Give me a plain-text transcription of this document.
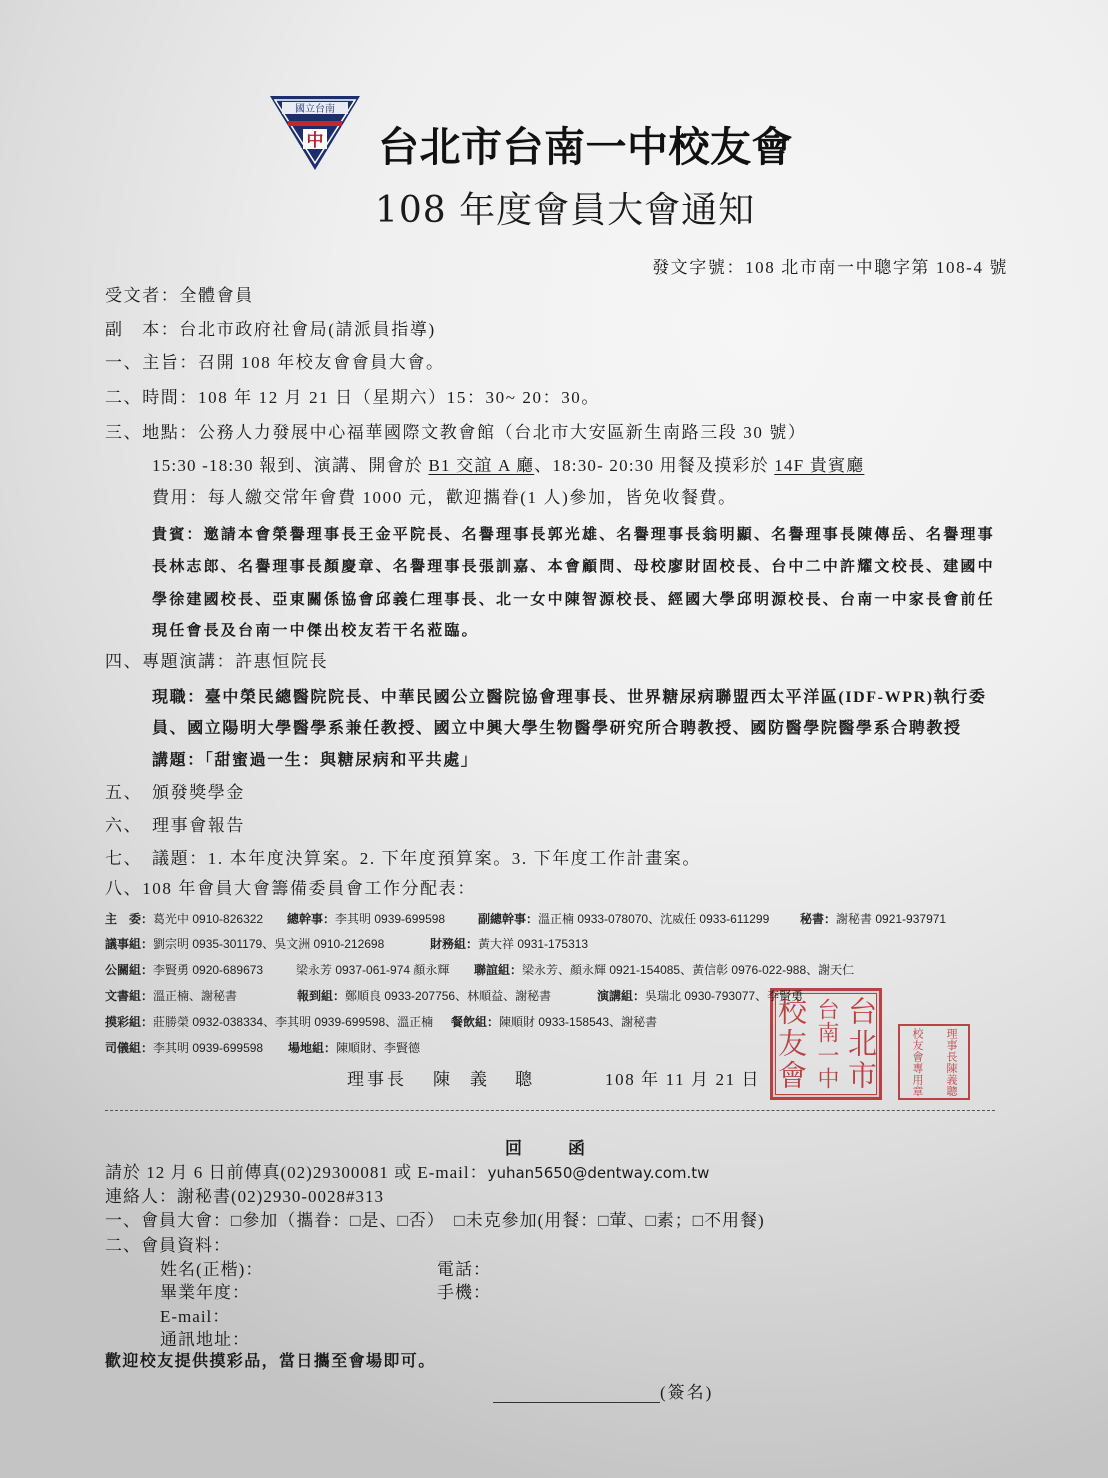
國立台南
中 台北市台南一中校友會
108 年度會員大會通知
發文字號：108 北市南一中聰字第 108-4 號
受文者：全體會員
副　本：台北市政府社會局(請派員指導)
一、主旨：召開 108 年校友會會員大會。
二、時間：108 年 12 月 21 日（星期六）15：30~ 20：30。
三、地點：公務人力發展中心福華國際文教會館（台北市大安區新生南路三段 30 號）
15:30 -18:30 報到、演講、開會於 B1 交誼 A 廳、18:30- 20:30 用餐及摸彩於 14F 貴賓廳
費用：每人繳交常年會費 1000 元，歡迎攜眷(1 人)參加，皆免收餐費。
貴賓：邀請本會榮譽理事長王金平院長、名譽理事長郭光雄、名譽理事長翁明顯、名譽理事長陳傳岳、名譽理事
長林志郎、名譽理事長顏慶章、名譽理事長張訓嘉、本會顧問、母校廖財固校長、台中二中許耀文校長、建國中
學徐建國校長、亞東關係協會邱義仁理事長、北一女中陳智源校長、經國大學邱明源校長、台南一中家長會前任
現任會長及台南一中傑出校友若干名蒞臨。
四、專題演講：許惠恒院長
現職：臺中榮民總醫院院長、中華民國公立醫院協會理事長、世界糖尿病聯盟西太平洋區(IDF-WPR)執行委
員、國立陽明大學醫學系兼任教授、國立中興大學生物醫學研究所合聘教授、國防醫學院醫學系合聘教授
講題：「甜蜜過一生：與糖尿病和平共處」
五、 頒發獎學金
六、 理事會報告
七、 議題：1. 本年度決算案。2. 下年度預算案。3. 下年度工作計畫案。
八、108 年會員大會籌備委員會工作分配表：
主　委：葛光中 0910-826322 總幹事：李其明 0939-699598	副總幹事：溫正楠 0933-078070、沈威任 0933-611299	秘書：謝秘書 0921-937971
議事組：劉宗明 0935-301179、吳文洲 0910-212698	財務組：黃大祥 0931-175313
公關組：李賢勇 0920-689673	梁永芳 0937-061-974 顏永輝 聯誼組：梁永芳、顏永輝 0921-154085、黃信彰 0976-022-988、謝天仁
文書組：溫正楠、謝秘書	報到組：鄭順良 0933-207756、林順益、謝秘書	演講組：吳瑞北 0930-793077、李賢勇
摸彩組：莊勝榮 0932-038334、李其明 0939-699598、溫正楠 餐飲組：陳順財 0933-158543、謝秘書
司儀組：李其明 0939-699598 場地組：陳順財、李賢德
理事長 陳 義 聰	108 年 11 月 21 日	台北市
台南一中
校友會	理事長陳義聰
校友會專用章
回　　函
請於 12 月 6 日前傳真(02)29300081 或 E-mail：yuhan5650@dentway.com.tw
連絡人：謝秘書(02)2930-0028#313
一、會員大會：□參加（攜眷：□是、□否）　□未克參加(用餐：□葷、□素；□不用餐)
二、會員資料：
姓名(正楷)：	電話：
畢業年度：	手機：
E-mail：
通訊地址：
歡迎校友提供摸彩品，當日攜至會場即可。
(簽名)
